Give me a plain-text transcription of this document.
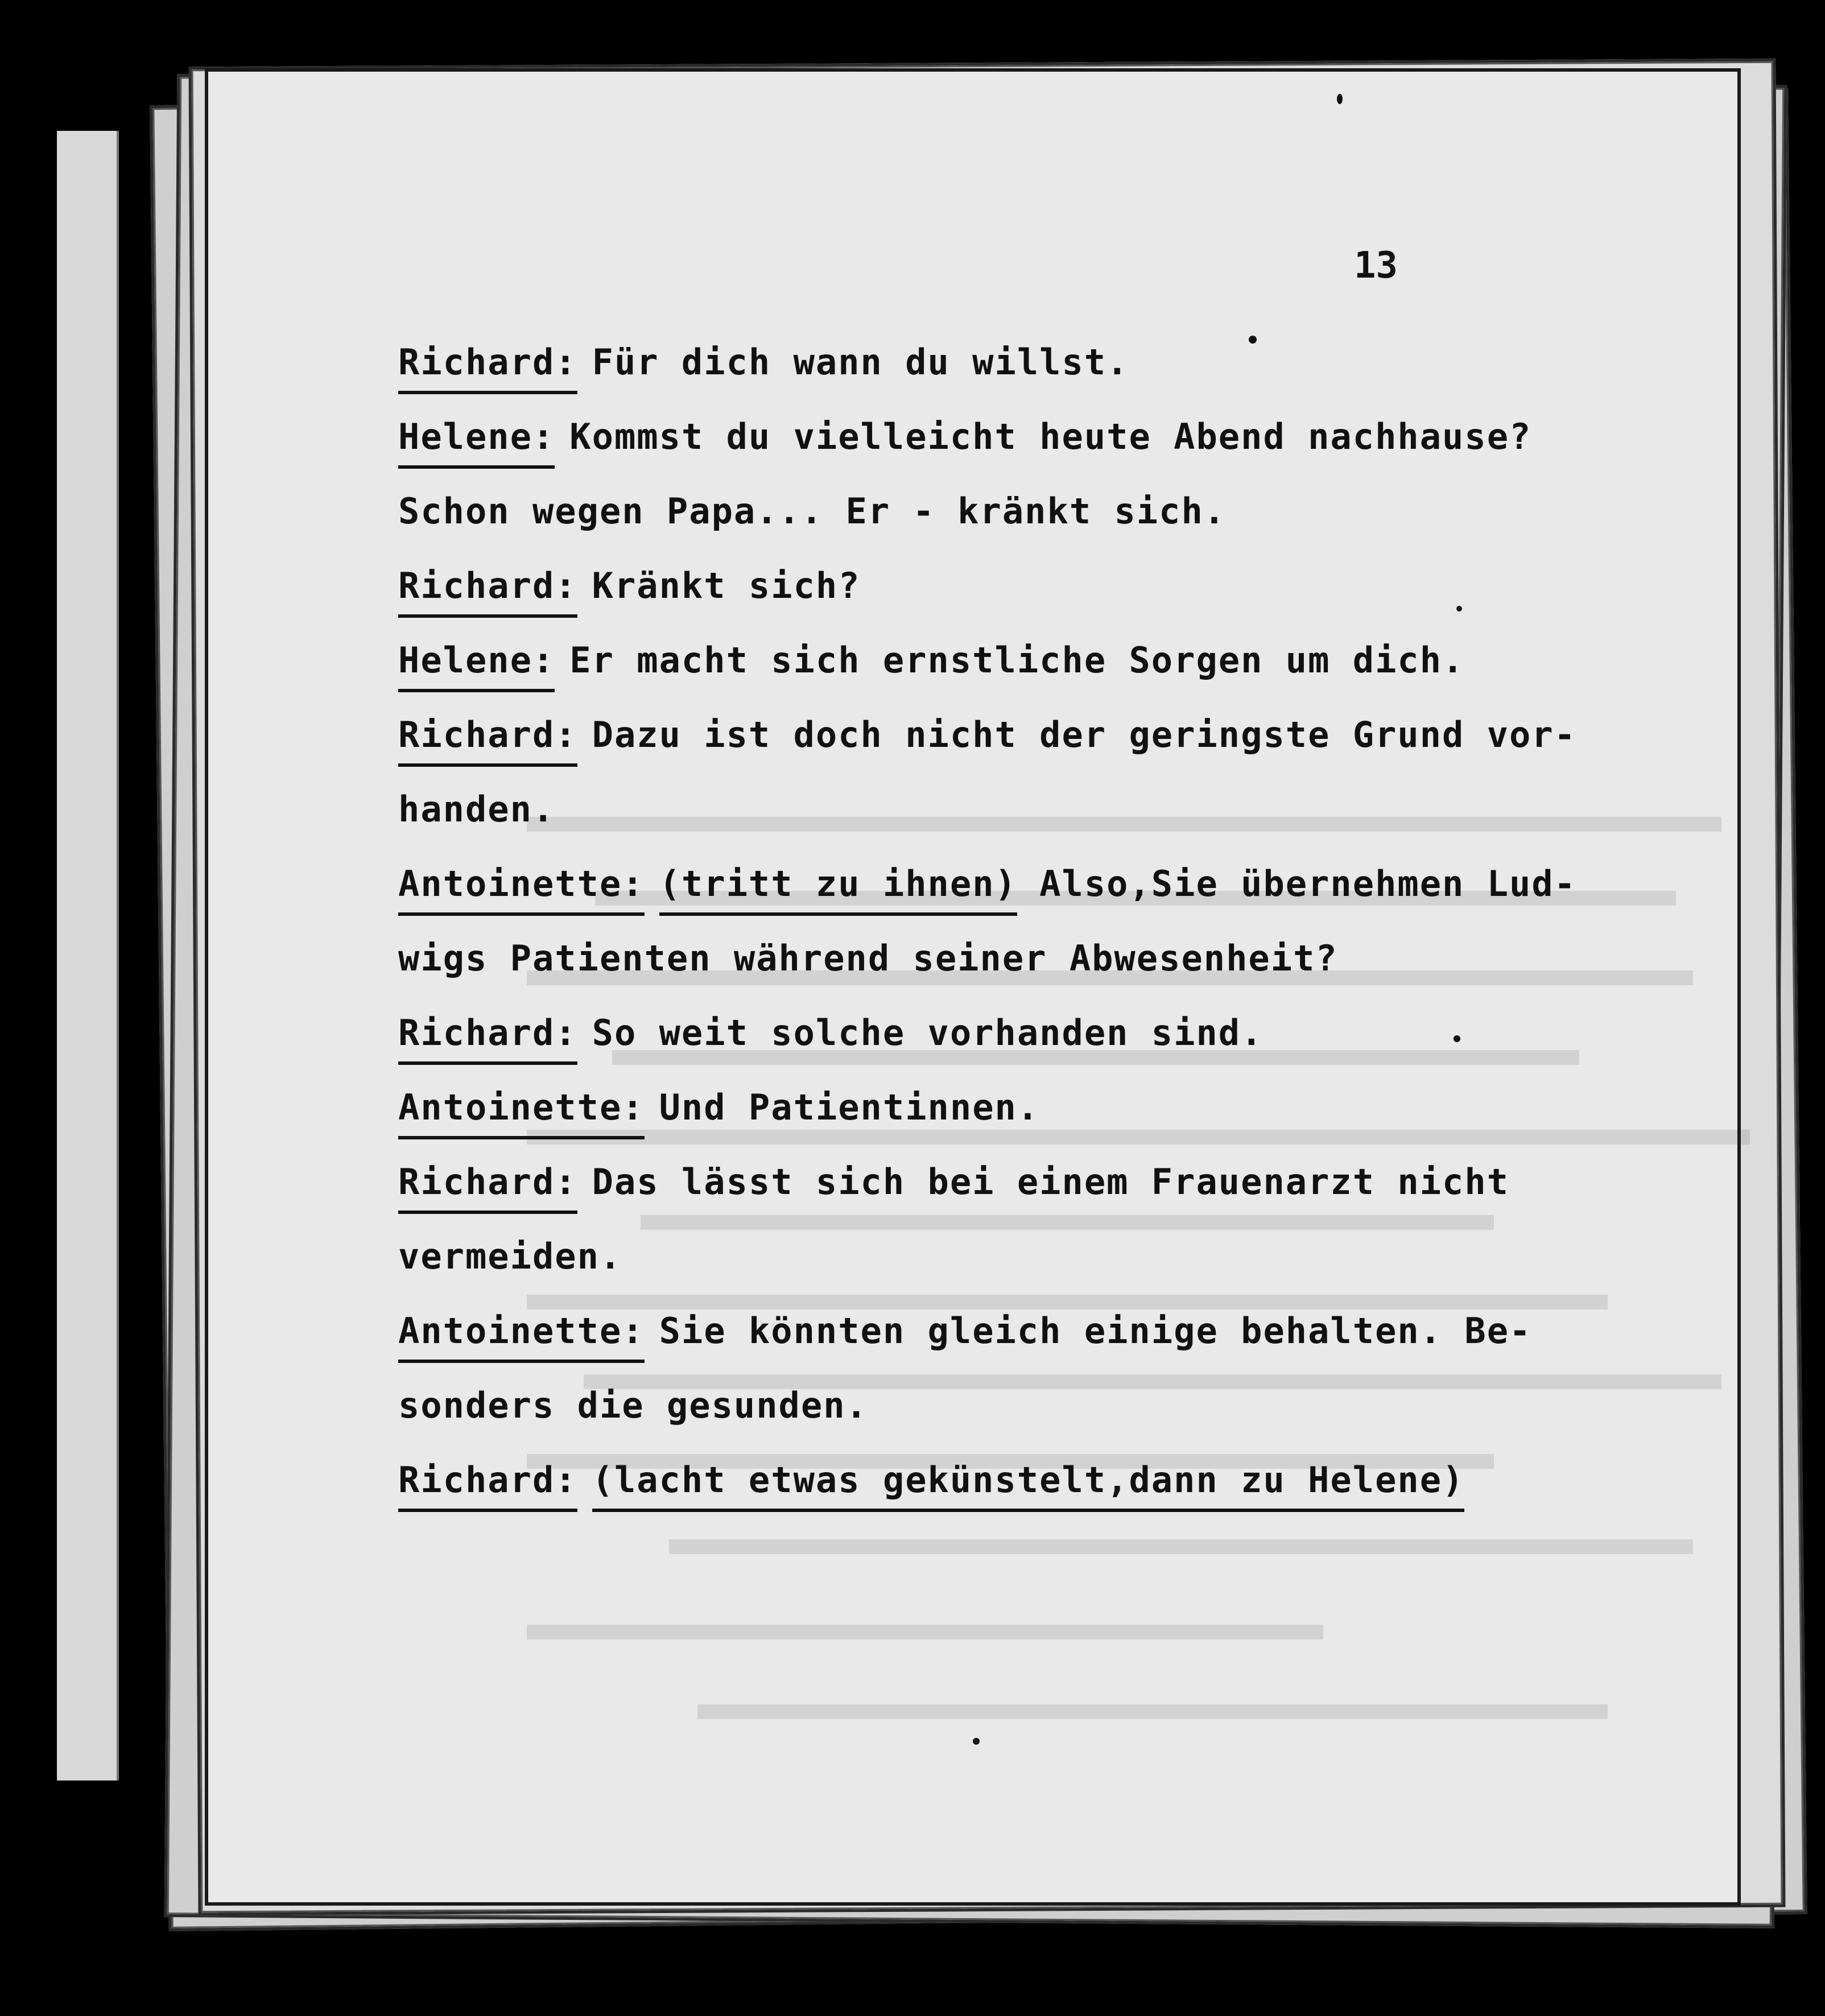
13
Richard: Für dich wann du willst.
Helene: Kommst du vielleicht heute Abend nachhause?
Schon wegen Papa... Er - kränkt sich.
Richard: Kränkt sich?
Helene: Er macht sich ernstliche Sorgen um dich.
Richard: Dazu ist doch nicht der geringste Grund vor-
handen.
Antoinette: (tritt zu ihnen) Also,Sie übernehmen Lud-
wigs Patienten während seiner Abwesenheit?
Richard: So weit solche vorhanden sind.
Antoinette: Und Patientinnen.
Richard: Das lässt sich bei einem Frauenarzt nicht
vermeiden.
Antoinette: Sie könnten gleich einige behalten. Be-
sonders die gesunden.
Richard: (lacht etwas gekünstelt,dann zu Helene)
